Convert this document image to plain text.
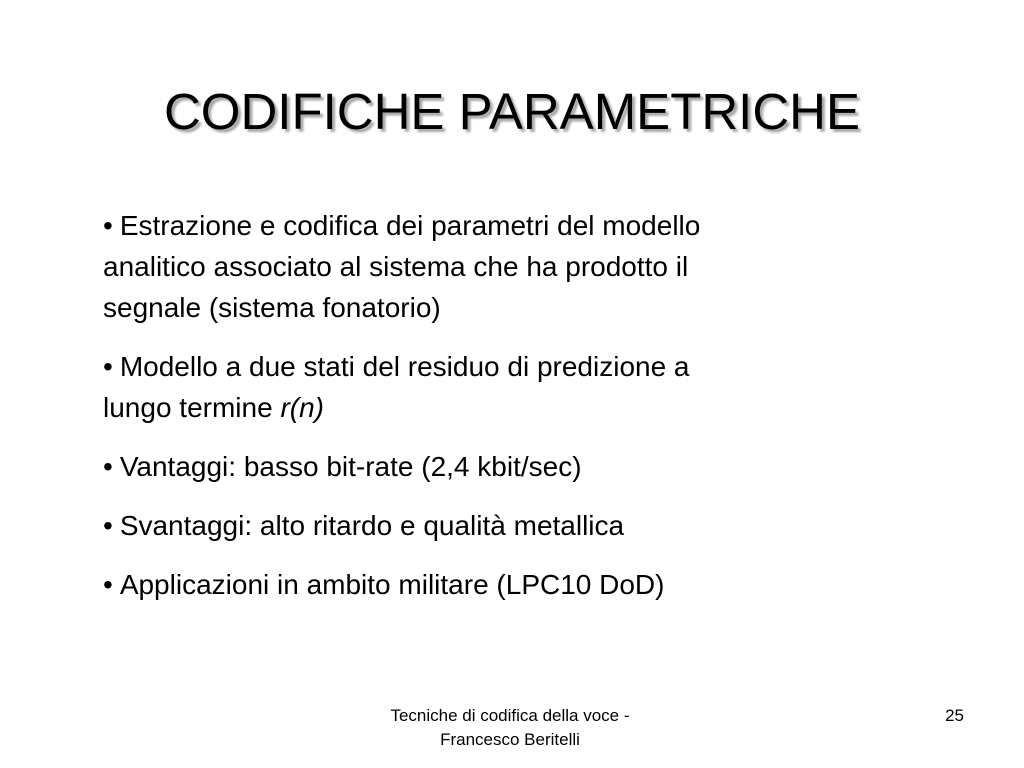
CODIFICHE PARAMETRICHE
• Estrazione e codifica dei parametri del modello
analitico associato al sistema che ha prodotto il
segnale (sistema fonatorio)
• Modello a due stati del residuo di predizione a
lungo termine r(n)
• Vantaggi: basso bit-rate (2,4 kbit/sec)
• Svantaggi: alto ritardo e qualità metallica
• Applicazioni in ambito militare (LPC10 DoD)
Tecniche di codifica della voce -
Francesco Beritelli
25
